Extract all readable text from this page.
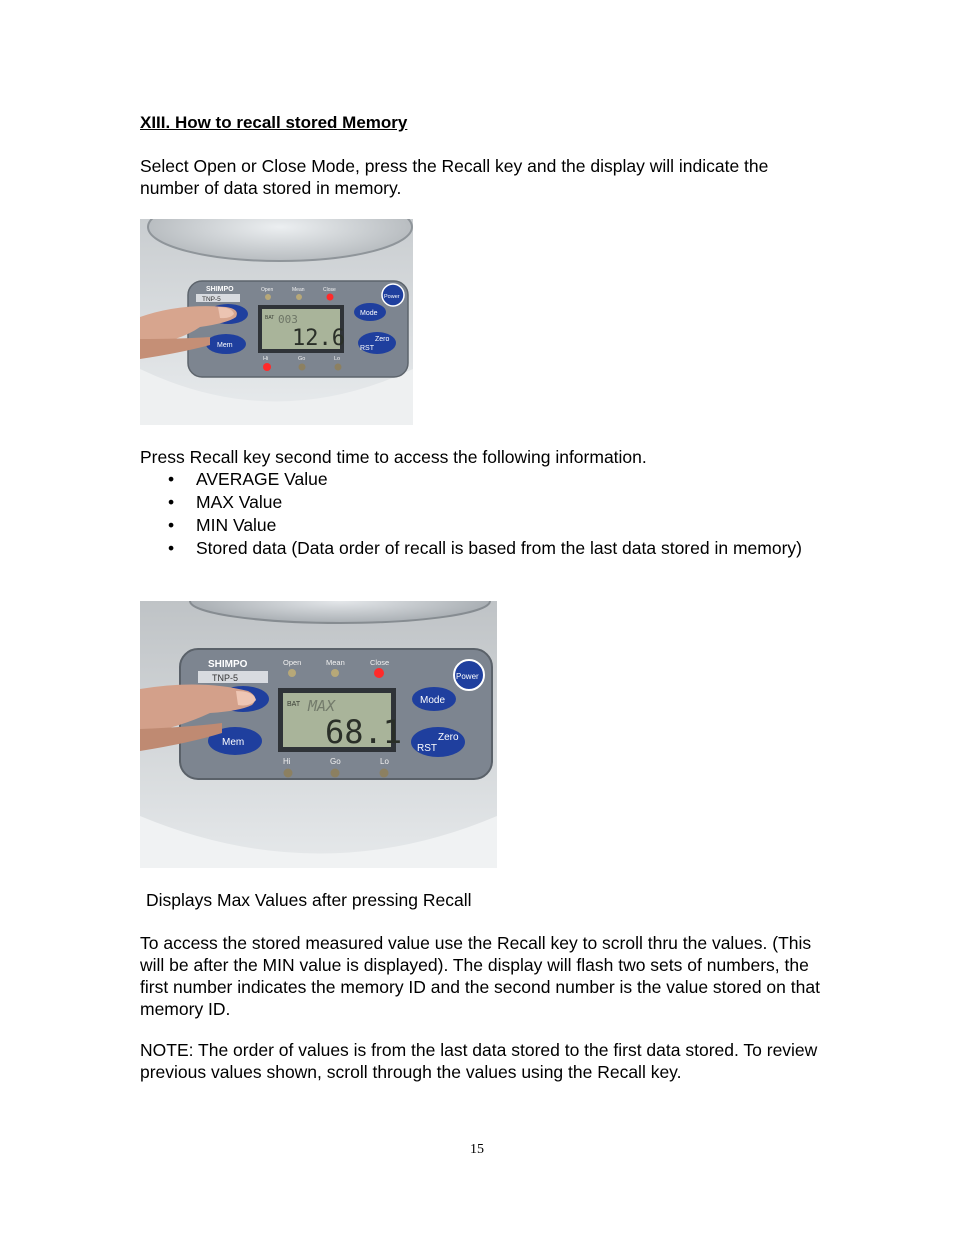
XIII. How to recall stored Memory

Select Open or Close Mode, press the Recall key and the display will indicate the number of data stored in memory.

SHIMPO
TNP-5
Open	Mean	Close
BAT 003
12.6
Mem
Mode
Power
Zero
RST
Hi	Go	Lo

Press Recall key second time to access the following information.

• AVERAGE Value
• MAX Value
• MIN Value
• Stored data (Data order of recall is based from the last data stored in memory)
SHIMPO
TNP-5
Open	Mean	Close
BAT MAX
68.1
Mem
Mode
Power
Zero
RST
Hi	Go	Lo

Displays Max Values after pressing Recall

To access the stored measured value use the Recall key to scroll thru the values. (This will be after the MIN value is displayed). The display will flash two sets of numbers, the first number indicates the memory ID and the second number is the value stored on that memory ID.

NOTE: The order of values is from the last data stored to the first data stored. To review previous values shown, scroll through the values using the Recall key.

15
